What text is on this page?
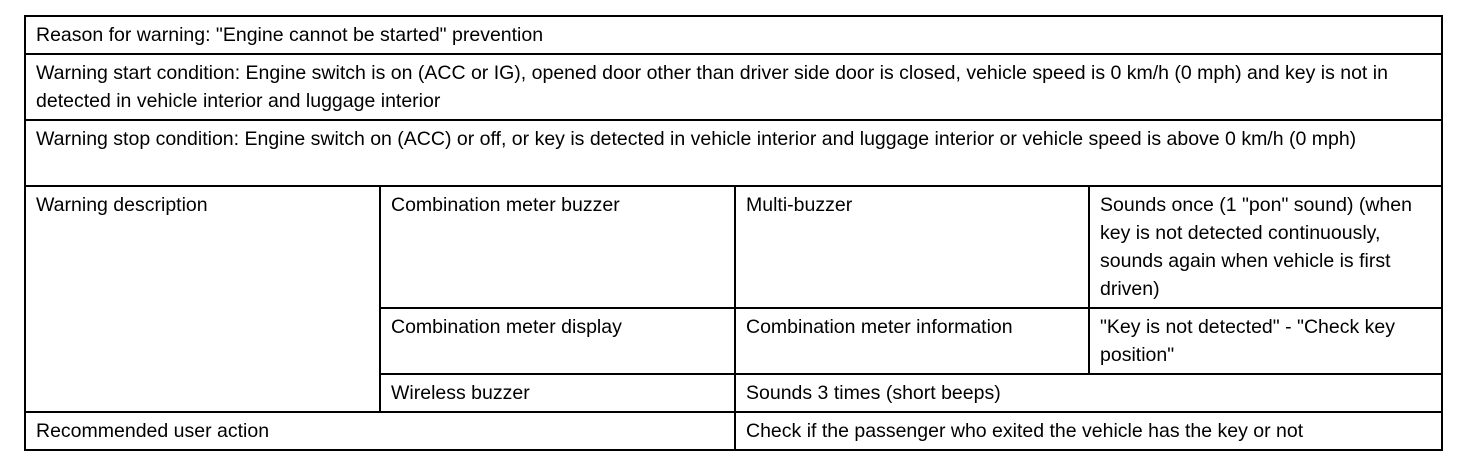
Reason for warning: "Engine cannot be started" prevention			
Warning start condition: Engine switch is on (ACC or IG), opened door other than driver side door is closed, vehicle speed is 0 km/h (0 mph) and key is not in detected in vehicle interior and luggage interior			
Warning stop condition: Engine switch on (ACC) or off, or key is detected in vehicle interior and luggage interior or vehicle speed is above 0 km/h (0 mph)			
Warning description	Combination meter buzzer	Multi-buzzer	Sounds once (1 "pon" sound) (when key is not detected continuously, sounds again when vehicle is first driven)
	Combination meter display	Combination meter information	"Key is not detected" - "Check key position"
	Wireless buzzer	Sounds 3 times (short beeps)	
Recommended user action		Check if the passenger who exited the vehicle has the key or not	
